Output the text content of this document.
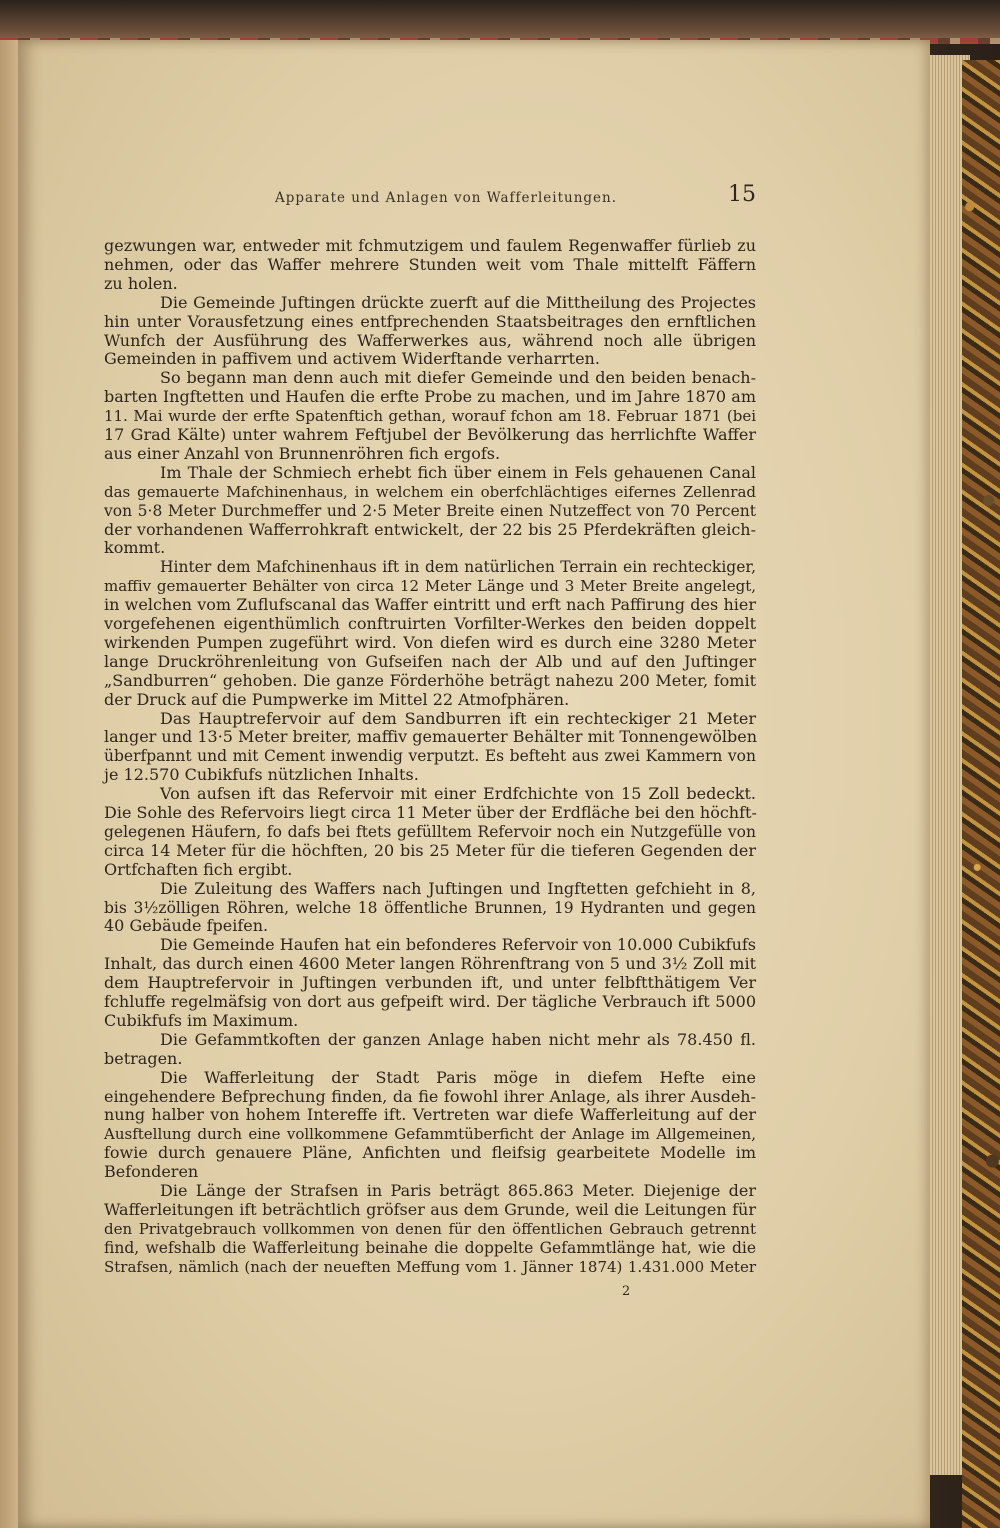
Apparate und Anlagen von Wafferleitungen.	15
gezwungen war, entweder mit fchmutzigem und faulem Regenwaffer fürlieb zu
nehmen, oder das Waffer mehrere Stunden weit vom Thale mittelft Fäffern
zu holen.
Die Gemeinde Juftingen drückte zuerft auf die Mittheilung des Projectes
hin unter Vorausfetzung eines entfprechenden Staatsbeitrages den ernftlichen
Wunfch der Ausführung des Wafferwerkes aus, während noch alle übrigen
Gemeinden in paffivem und activem Widerftande verharrten.
So begann man denn auch mit diefer Gemeinde und den beiden benach-
barten Ingftetten und Haufen die erfte Probe zu machen, und im Jahre 1870 am
11. Mai wurde der erfte Spatenftich gethan, worauf fchon am 18. Februar 1871 (bei
17 Grad Kälte) unter wahrem Feftjubel der Bevölkerung das herrlichfte Waffer
aus einer Anzahl von Brunnenröhren fich ergofs.
Im Thale der Schmiech erhebt fich über einem in Fels gehauenen Canal
das gemauerte Mafchinenhaus, in welchem ein oberfchlächtiges eifernes Zellenrad
von 5·8 Meter Durchmeffer und 2·5 Meter Breite einen Nutzeffect von 70 Percent
der vorhandenen Wafferrohkraft entwickelt, der 22 bis 25 Pferdekräften gleich-
kommt.
Hinter dem Mafchinenhaus ift in dem natürlichen Terrain ein rechteckiger,
maffiv gemauerter Behälter von circa 12 Meter Länge und 3 Meter Breite angelegt,
in welchen vom Zuflufscanal das Waffer eintritt und erft nach Paffirung des hier
vorgefehenen eigenthümlich conftruirten Vorfilter-Werkes den beiden doppelt
wirkenden Pumpen zugeführt wird. Von diefen wird es durch eine 3280 Meter
lange Druckröhrenleitung von Gufseifen nach der Alb und auf den Juftinger
„Sandburren“ gehoben. Die ganze Förderhöhe beträgt nahezu 200 Meter, fomit
der Druck auf die Pumpwerke im Mittel 22 Atmofphären.
Das Hauptrefervoir auf dem Sandburren ift ein rechteckiger 21 Meter
langer und 13·5 Meter breiter, maffiv gemauerter Behälter mit Tonnengewölben
überfpannt und mit Cement inwendig verputzt. Es befteht aus zwei Kammern von
je 12.570 Cubikfufs nützlichen Inhalts.
Von aufsen ift das Refervoir mit einer Erdfchichte von 15 Zoll bedeckt.
Die Sohle des Refervoirs liegt circa 11 Meter über der Erdfläche bei den höchft-
gelegenen Häufern, fo dafs bei ftets gefülltem Refervoir noch ein Nutzgefülle von
circa 14 Meter für die höchften, 20 bis 25 Meter für die tieferen Gegenden der
Ortfchaften fich ergibt.
Die Zuleitung des Waffers nach Juftingen und Ingftetten gefchieht in 8,
bis 3½zölligen Röhren, welche 18 öffentliche Brunnen, 19 Hydranten und gegen
40 Gebäude fpeifen.
Die Gemeinde Haufen hat ein befonderes Refervoir von 10.000 Cubikfufs
Inhalt, das durch einen 4600 Meter langen Röhrenftrang von 5 und 3½ Zoll mit
dem Hauptrefervoir in Juftingen verbunden ift, und unter felbftthätigem Ver
fchluffe regelmäfsig von dort aus gefpeift wird. Der tägliche Verbrauch ift 5000
Cubikfufs im Maximum.
Die Gefammtkoften der ganzen Anlage haben nicht mehr als 78.450 fl.
betragen.
Die Wafferleitung der Stadt Paris möge in diefem Hefte eine
eingehendere Befprechung finden, da fie fowohl ihrer Anlage, als ihrer Ausdeh-
nung halber von hohem Intereffe ift. Vertreten war diefe Wafferleitung auf der
Ausftellung durch eine vollkommene Gefammtüberficht der Anlage im Allgemeinen,
fowie durch genauere Pläne, Anfichten und fleifsig gearbeitete Modelle im
Befonderen
Die Länge der Strafsen in Paris beträgt 865.863 Meter. Diejenige der
Wafferleitungen ift beträchtlich gröfser aus dem Grunde, weil die Leitungen für
den Privatgebrauch vollkommen von denen für den öffentlichen Gebrauch getrennt
find, wefshalb die Wafferleitung beinahe die doppelte Gefammtlänge hat, wie die
Strafsen, nämlich (nach der neueften Meffung vom 1. Jänner 1874) 1.431.000 Meter
2
